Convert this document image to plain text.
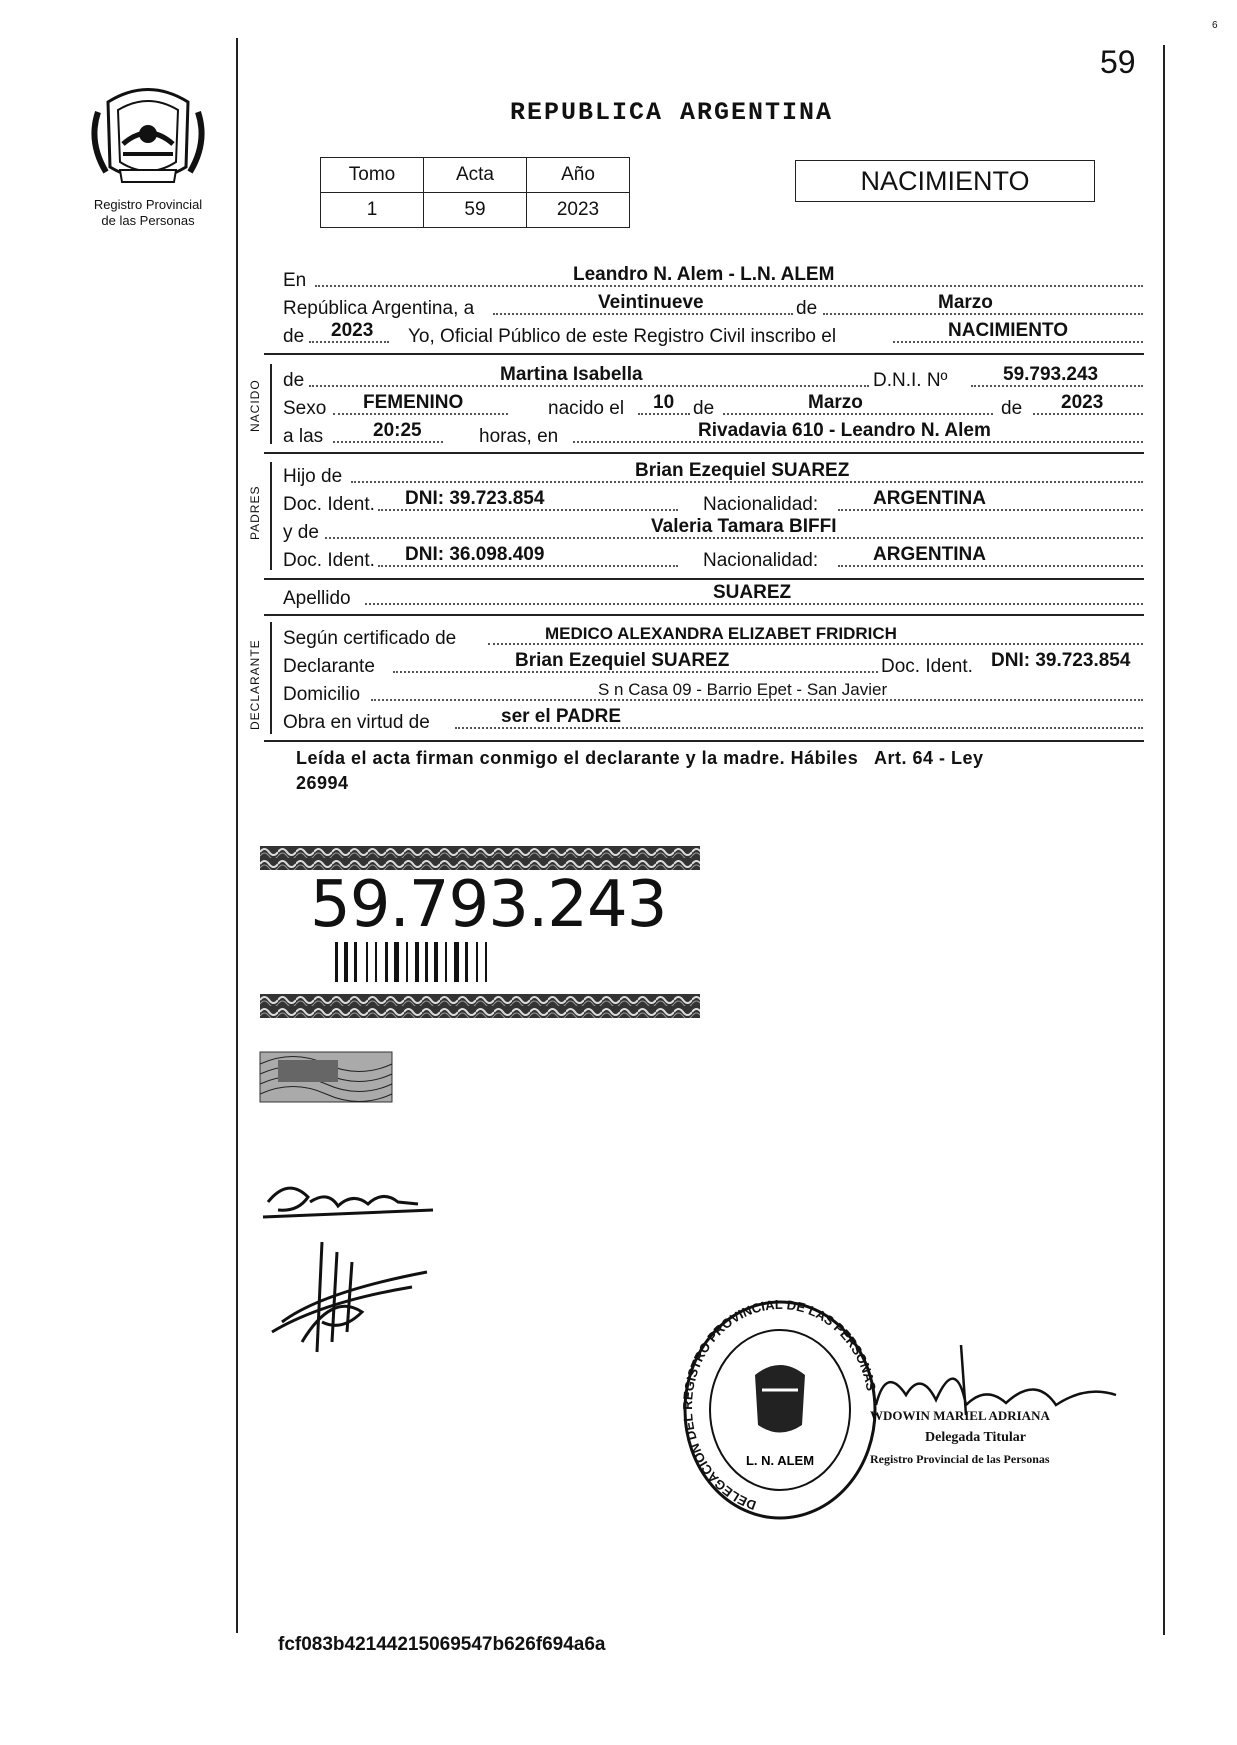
6
59
Registro Provincial
de las Personas
REPUBLICA ARGENTINA
Tomo	Acta	Año
1	59	2023
NACIMIENTO
En	Leandro N. Alem - L.N. ALEM
República Argentina, a	Veintinueve	de	Marzo
de 2023 Yo, Oficial Público de este Registro Civil inscribo el	NACIMIENTO
NACIDO de	Martina Isabella	D.N.I. Nº	59.793.243
Sexo FEMENINO	nacido el 10 de	Marzo	de 2023
a las	20:25	horas, en	Rivadavia 610 - Leandro N. Alem
PADRES
Hijo de	Brian Ezequiel SUAREZ
Doc. Ident. DNI: 39.723.854	Nacionalidad:	ARGENTINA
y de	Valeria Tamara BIFFI
Doc. Ident. DNI: 36.098.409	Nacionalidad:	ARGENTINA
Apellido	SUAREZ
DECLARANTE
Según certificado de	MEDICO ALEXANDRA ELIZABET FRIDRICH
Declarante	Brian Ezequiel SUAREZ	Doc. Ident. DNI: 39.723.854
Domicilio	S n Casa 09 - Barrio Epet - San Javier
Obra en virtud de	ser el PADRE
Leída el acta firman conmigo el declarante y la madre. Hábiles   Art. 64 - Ley
26994
59.793.243
DELEGACION DEL REGISTRO PROVINCIAL DE LAS PERSONAS
L. N. ALEM
WDOWIN MARIEL ADRIANA
Delegada Titular
Registro Provincial de las Personas
fcf083b42144215069547b626f694a6a
